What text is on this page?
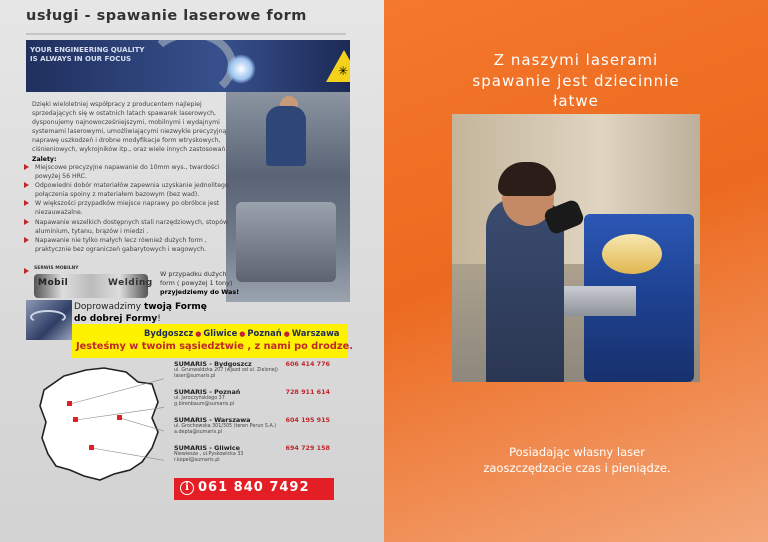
usługi - spawanie laserowe form
YOUR ENGINEERING QUALITY
IS ALWAYS IN OUR FOCUS
✳
Dzięki wieloletniej współpracy z producentem najlepiej sprzedających się w ostatnich latach spawarek laserowych, dysponujemy najnowocześniejszymi, mobilnymi i wydajnymi systemami laserowymi, umożliwiającymi niezwykle precyzyjną naprawę uszkodzeń i drobne modyfikacje form wtryskowych, ciśnieniowych, wykrojników itp., oraz wiele innych zastosowań.
Zalety:
Miejscowe precyzyjne napawanie do 10mm wys., twardości powyżej 56 HRC.
Odpowiedni dobór materiałów zapewnia uzyskanie jednolitego połączenia spoiny z materiałem bazowym (bez wad).
W większości przypadków miejsce naprawy po obróbce jest niezauważalne.
Napawanie wszelkich dostępnych stali narzędziowych, stopów aluminium, tytanu, brązów i miedzi .
Napawanie nie tylko małych lecz również dużych form , praktycznie bez ograniczeń gabarytowych i wagowych.
SERWIS MOBILNY
Mobil	Welding
W przypadku dużych
form ( powyżej 1 tony)
przyjedziemy do Was!
Doprowadzimy twoją Formę
do dobrej Formy!
Bydgoszcz ● Gliwice ● Poznań ● Warszawa
Jesteśmy w twoim sąsiedztwie , z nami po drodze.
SUMARIS - Bydgoszcz	606 414 776
ul. Grunwaldzka 207 (wjazd od ul. Zielonej)
laser@sumaris.pl
SUMARIS - Poznań	728 911 614
ul. Jaroczyńskiego 37
g.birenbaum@sumaris.pl
SUMARIS - Warszawa	604 195 915
ul. Grochowska 301/305 (teren Perun S.A.)
a.depta@sumaris.pl
SUMARIS - Gliwice	694 729 158
Niewiesze , ul.Pyskowicka 33
r.kopel@sumaris.pl
i 061 840 7492
Z naszymi laserami spawanie jest dziecinnie łatwe
Posiadając własny laser zaoszczędzacie czas i pieniądze.
